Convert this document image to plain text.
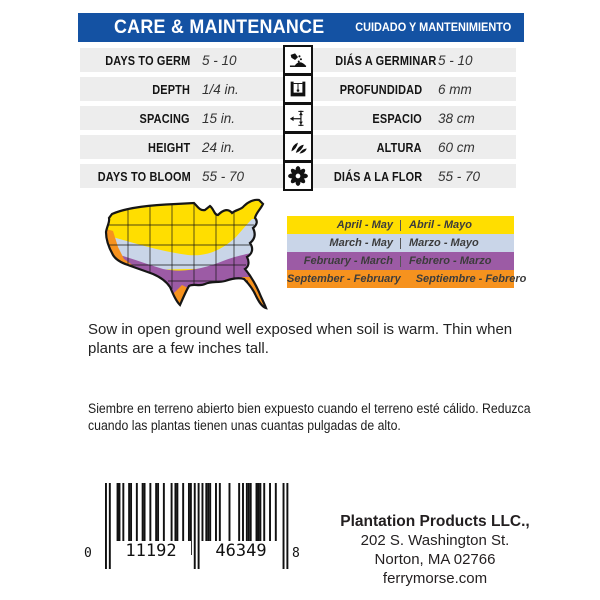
CARE & MAINTENANCE	CUIDADO Y MANTENIMIENTO
DAYS TO GERM 5 - 10	DIÁS A GERMINAR 5 - 10
DEPTH 1/4 in.	PROFUNDIDAD	6 mm
SPACING 15 in.	ESPACIO	38 cm
HEIGHT 24 in.	ALTURA	60 cm
DAYS TO BLOOM 55 - 70	DIÁS A LA FLOR	55 - 70
April - May	Abril - Mayo
March - May	Marzo - Mayo
February - March	Febrero - Marzo
September - February	Septiembre - Febrero
Sow in open ground well exposed when soil is warm. Thin when plants are a few inches tall.
Siembre en terreno abierto bien expuesto cuando el terreno esté cálido. Reduzca cuando las plantas tienen unas cuantas pulgadas de alto.
0	11192	46349	8
Plantation Products LLC.,
202 S. Washington St.
Norton, MA 02766
ferrymorse.com
